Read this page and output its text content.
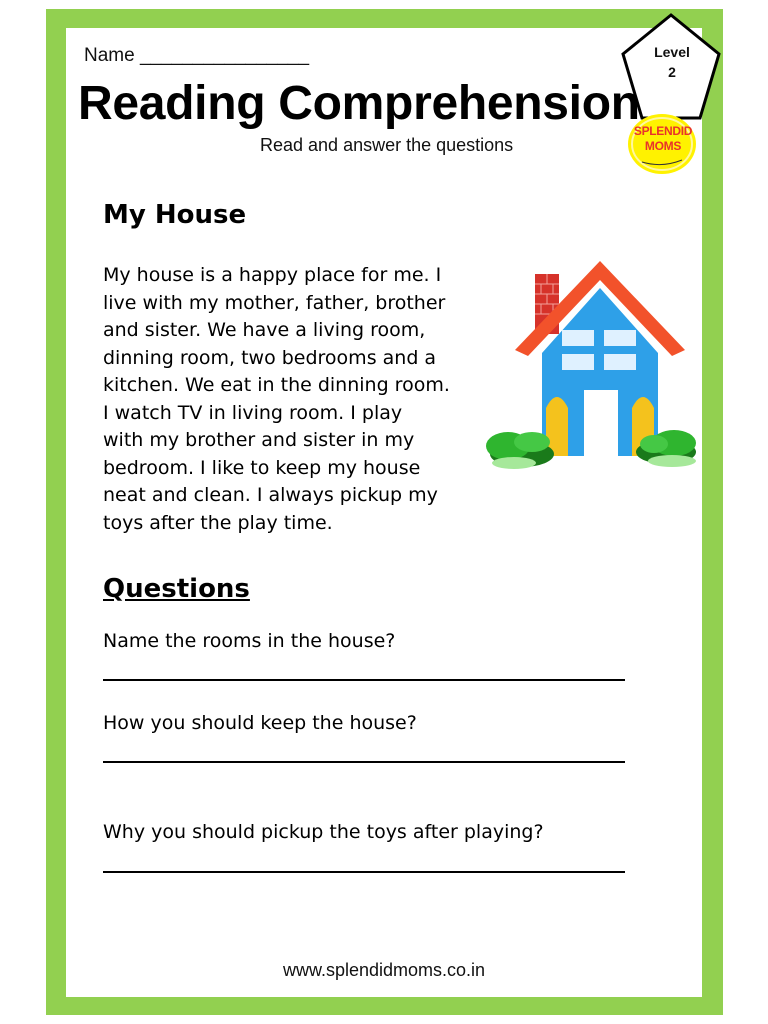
Name ________________	Level
2
Reading Comprehension
SPLENDID
MOMS
Read and answer the questions
My House
My house is a happy place for me. I
live with my mother, father, brother
and sister. We have a living room,
dinning room, two bedrooms and a
kitchen. We eat in the dinning room.
I watch TV in living room. I play
with my brother and sister in my
bedroom. I like to keep my house
neat and clean. I always pickup my
toys after the play time.
Questions
Name the rooms in the house?
How you should keep the house?
Why you should pickup the toys after playing?
www.splendidmoms.co.in
